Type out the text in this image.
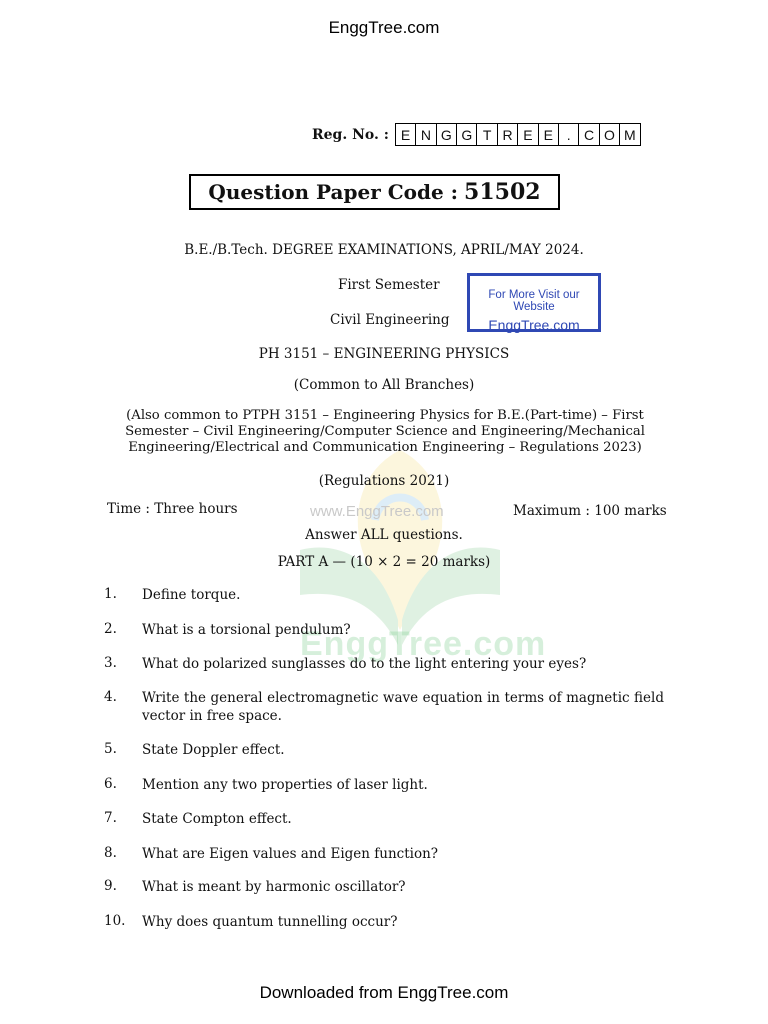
EnggTree.com
www.EnggTree.com
EnggTree.com
Reg. No. : E N G G T R E E . C O M
Question Paper Code : 51502
B.E./B.Tech. DEGREE EXAMINATIONS, APRIL/MAY 2024.
First Semester
Civil Engineering
For More Visit our Website
EnggTree.com
PH 3151 – ENGINEERING PHYSICS
(Common to All Branches)
(Also common to PTPH 3151 – Engineering Physics for B.E.(Part-time) – First Semester – Civil Engineering/Computer Science and Engineering/Mechanical Engineering/Electrical and Communication Engineering – Regulations 2023)
(Regulations 2021)
Time : Three hours	Maximum : 100 marks
Answer ALL questions.
PART A — (10 × 2 = 20 marks)
1.	Define torque.
2.	What is a torsional pendulum?
3.	What do polarized sunglasses do to the light entering your eyes?
4.	Write the general electromagnetic wave equation in terms of magnetic field vector in free space.
5.	State Doppler effect.
6.	Mention any two properties of laser light.
7.	State Compton effect.
8.	What are Eigen values and Eigen function?
9.	What is meant by harmonic oscillator?
10.	Why does quantum tunnelling occur?
Downloaded from EnggTree.com
